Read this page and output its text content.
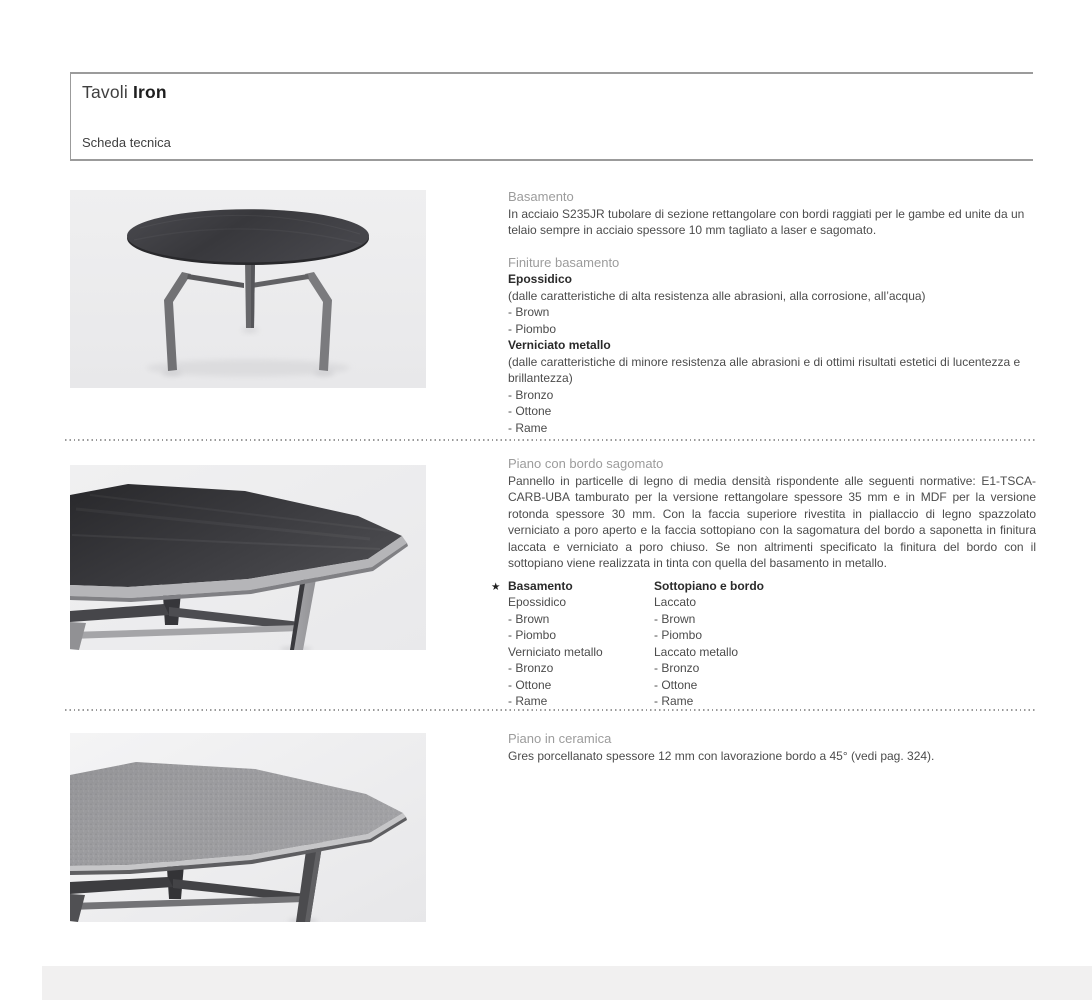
Tavoli Iron
Scheda tecnica
Basamento
In acciaio S235JR tubolare di sezione rettangolare con bordi raggiati per le gambe ed unite da un telaio sempre in acciaio spessore 10 mm tagliato a laser e sagomato.
Finiture basamento
Epossidico
(dalle caratteristiche di alta resistenza alle abrasioni, alla corrosione, all’acqua)
- Brown
- Piombo
Verniciato metallo
(dalle caratteristiche di minore resistenza alle abrasioni e di ottimi risultati estetici di lucentezza e brillantezza)
- Bronzo
- Ottone
- Rame
Piano con bordo sagomato
Pannello in particelle di legno di media densità rispondente alle seguenti normative: E1-TSCA-CARB-UBA tamburato per la versione rettangolare spessore 35 mm e in MDF per la versione rotonda spessore 30 mm. Con la faccia superiore rivestita in piallaccio di legno spazzolato verniciato a poro aperto e la faccia sottopiano con la sagomatura del bordo a saponetta in finitura laccata e verniciato a poro chiuso. Se non altrimenti specificato la finitura del bordo con il sottopiano viene realizzata in tinta con quella del basamento in metallo.
★ Basamento
Epossidico
- Brown
- Piombo
Verniciato metallo
- Bronzo
- Ottone
- Rame
Sottopiano e bordo
Laccato
- Brown
- Piombo
Laccato metallo
- Bronzo
- Ottone
- Rame
Piano in ceramica
Gres porcellanato spessore 12 mm con lavorazione bordo a 45° (vedi pag. 324).
